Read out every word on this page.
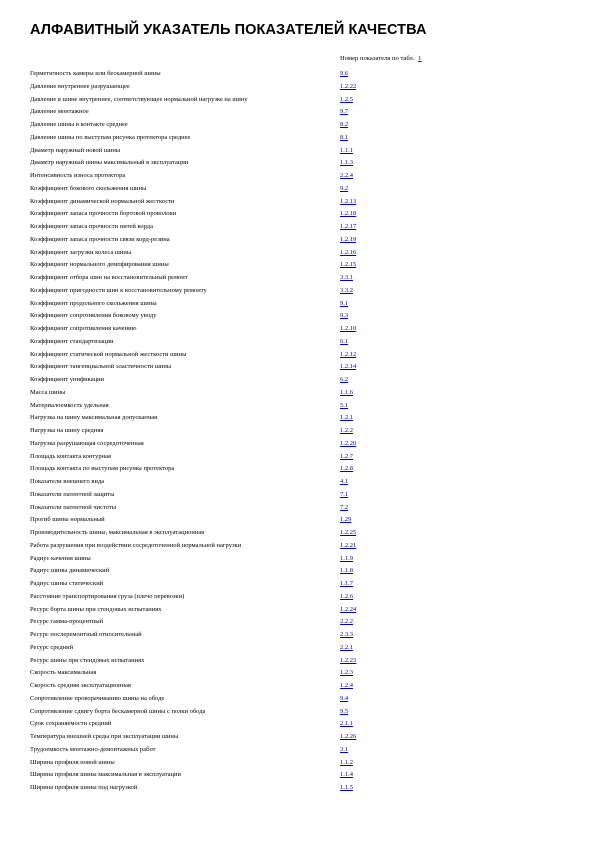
АЛФАВИТНЫЙ УКАЗАТЕЛЬ ПОКАЗАТЕЛЕЙ КАЧЕСТВА
Номер показателя по табл. 1
Герметичность камеры или бескамерной шины	9.6
Давление внутреннее разрушающее	1.2.22
Давление в шине внутреннее, соответствующее нормальной нагрузке на шину	1.2.5
Давление монтажное	9.7
Давление шины в контакте среднее	8.2
Давление шины по выступам рисунка протектора среднее	8.1
Диаметр наружный новой шины	1.1.1
Диаметр наружный шины максимальный в эксплуатации	1.1.3
Интенсивность износа протектора	2.2.4
Коэффициент бокового скольжения шины	9.2
Коэффициент динамической нормальной жесткости	1.2.13
Коэффициент запаса прочности бортовой проволоки	1.2.18
Коэффициент запаса прочности нитей корда	1.2.17
Коэффициент запаса прочности связи корд-резина	1.2.19
Коэффициент загрузки колеса шины	1.2.16
Коэффициент нормального демпфирования шины	1.2.15
Коэффициент отбора шин на восстановительный ремонт	3.3.1
Коэффициент пригодности шин к восстановительному ремонту	3.3.2
Коэффициент продольного скольжения шины	9.1
Коэффициент сопротивления боковому уводу	9.3
Коэффициент сопротивления качению	1.2.10
Коэффициент стандартизации	6.1
Коэффициент статической нормальной жесткости шины	1.2.12
Коэффициент тангенциальной эластичности шины	1.2.14
Коэффициент унификации	6.2
Масса шины	1.1.6
Материалоемкость удельная	5.1
Нагрузка на шину максимальная допускаемая	1.2.1
Нагрузка на шину средняя	1.2.2
Нагрузка разрушающая сосредоточенная	1.2.20
Площадь контакта контурная	1.2.7
Площадь контакта по выступам рисунка протектора	1.2.8
Показатели внешнего вида	4.1
Показатели патентной защиты	7.1
Показатели патентной чистоты	7.2
Прогиб шины нормальный	1.29
Производительность шины, максимальная в эксплуатационная	1.2.25
Работа разрушения при воздействии сосредоточенной нормальной нагрузки	1.2.21
Радиус качения шины	1.1.9
Радиус шины динамический	1.1.8
Радиус шины статический	1.1.7
Расстояние транспортирования груза (плечо перевозки)	1.2.6
Ресурс борта шины при стендовых испытаниях	1.2.24
Ресурс гамма-процентный	2.2.2
Ресурс послеремонтный относительный	2.3.3
Ресурс средний	2.2.1
Ресурс шины при стендовых испытаниях	1.2.23
Скорость максимальная	1.2.3
Скорость средняя эксплуатационная	1.2.4
Сопротивление проворачиванию шины на ободе	9.4
Сопротивление сдвигу борта бескамерной шины с полки обода	9.5
Срок сохраняемости средний	2.1.1
Температура внешней среды при эксплуатации шины	1.2.26
Трудоемкость монтажно-демонтажных работ	3.1
Ширина профиля новой шины	1.1.2
Ширина профиля шины максимальная в эксплуатации	1.1.4
Ширина профиля шины под нагрузкой	1.1.5
